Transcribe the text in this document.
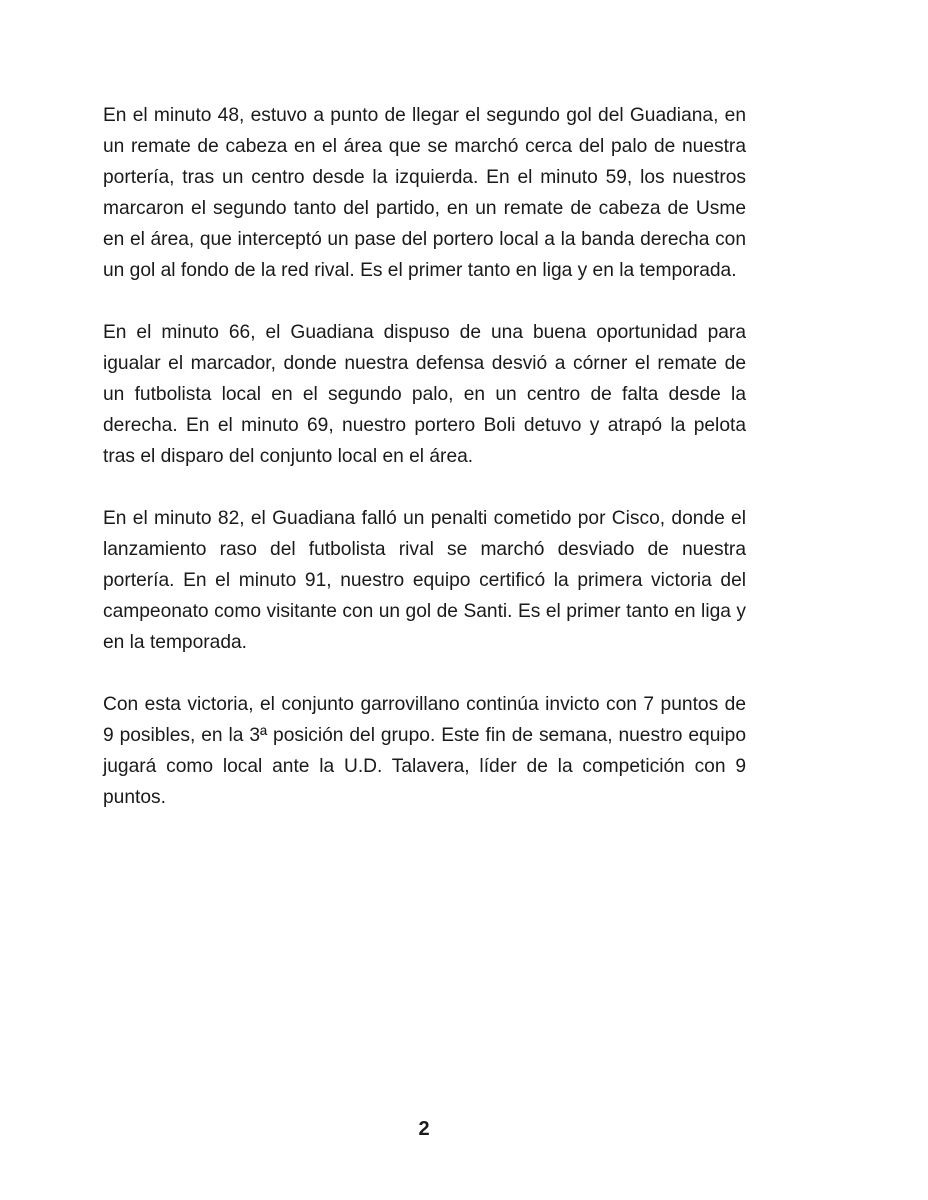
En el minuto 48, estuvo a punto de llegar el segundo gol del Guadiana, en un remate de cabeza en el área que se marchó cerca del palo de nuestra portería, tras un centro desde la izquierda. En el minuto 59, los nuestros marcaron el segundo tanto del partido, en un remate de cabeza de Usme en el área, que interceptó un pase del portero local a la banda derecha con un gol al fondo de la red rival. Es el primer tanto en liga y en la temporada.

En el minuto 66, el Guadiana dispuso de una buena oportunidad para igualar el marcador, donde nuestra defensa desvió a córner el remate de un futbolista local en el segundo palo, en un centro de falta desde la derecha. En el minuto 69, nuestro portero Boli detuvo y atrapó la pelota tras el disparo del conjunto local en el área.

En el minuto 82, el Guadiana falló un penalti cometido por Cisco, donde el lanzamiento raso del futbolista rival se marchó desviado de nuestra portería. En el minuto 91, nuestro equipo certificó la primera victoria del campeonato como visitante con un gol de Santi. Es el primer tanto en liga y en la temporada.

Con esta victoria, el conjunto garrovillano continúa invicto con 7 puntos de 9 posibles, en la 3ª posición del grupo. Este fin de semana, nuestro equipo jugará como local ante la U.D. Talavera, líder de la competición con 9 puntos.

2
